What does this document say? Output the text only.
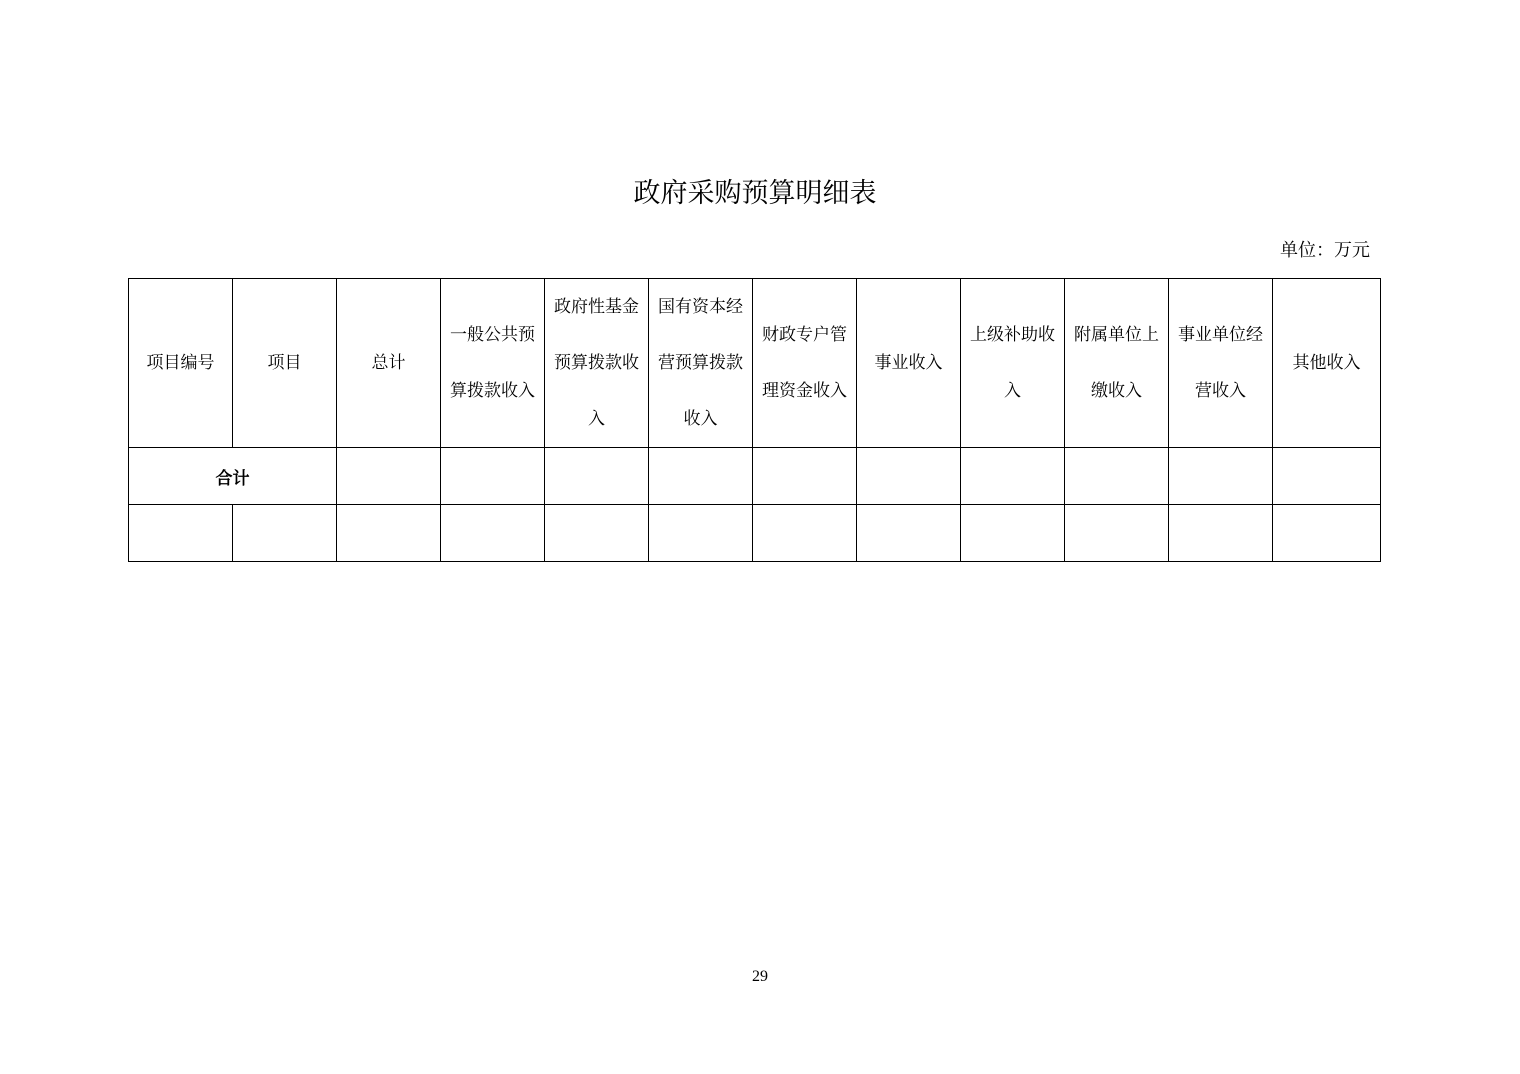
政府采购预算明细表
单位：万元
项目编号	项目	总计	一般公共预算拨款收入	政府性基金预算拨款收入	国有资本经营预算拨款收入	财政专户管理资金收入	事业收入	上级补助收入	附属单位上缴收入	事业单位经营收入	其他收入
合计											

29
